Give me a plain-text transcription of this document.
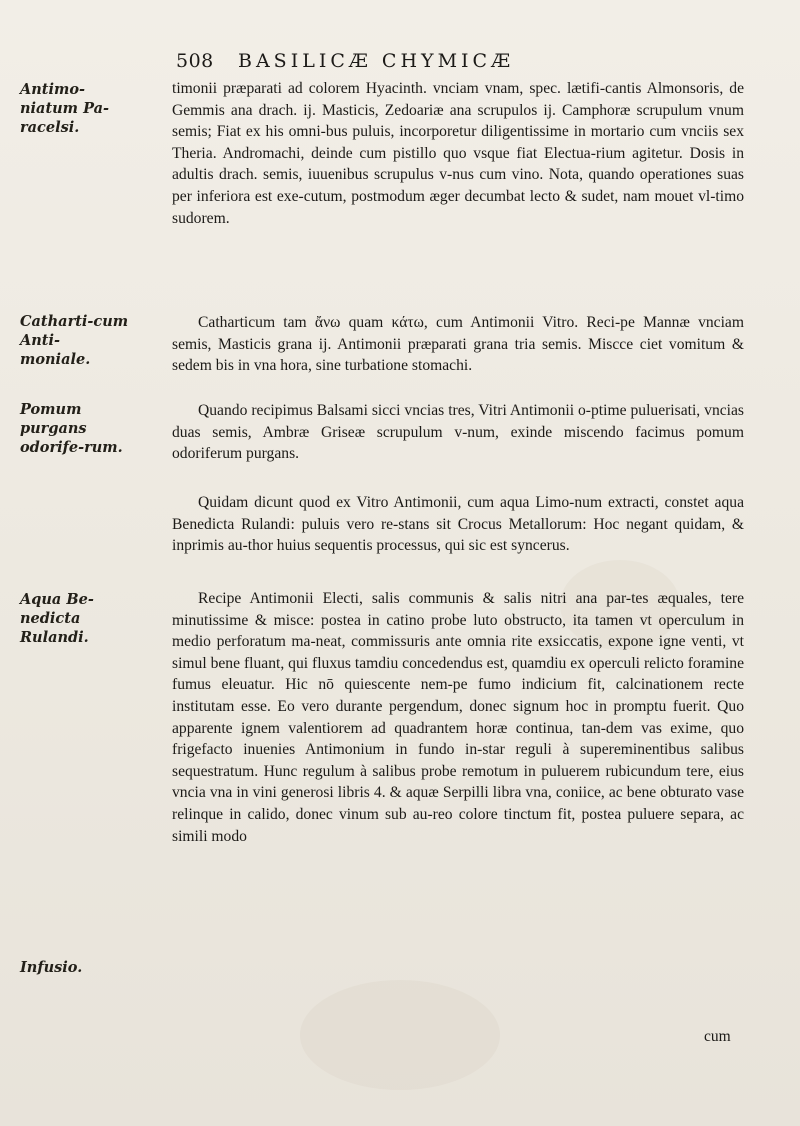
508 BASILICÆ CHYMICÆ
Antimo-niatum Pa-racelsi.
Catharti-cum Anti-moniale.
Pomum purgans odorife-rum.
Aqua Be-nedicta Rulandi.
Infusio.

timonii præparati ad colorem Hyacinth. vnciam vnam, spec. lætifi-cantis Almonsoris, de Gemmis ana drach. ij. Masticis, Zedoariæ ana scrupulos ij. Camphoræ scrupulum vnum semis; Fiat ex his omni-bus puluis, incorporetur diligentissime in mortario cum vnciis sex Theria. Andromachi, deinde cum pistillo quo vsque fiat Electua-rium agitetur. Dosis in adultis drach. semis, iuuenibus scrupulus v-nus cum vino. Nota, quando operationes suas per inferiora est exe-cutum, postmodum æger decumbat lecto & sudet, nam mouet vl-timo sudorem.

Catharticum tam ἄνω quam κάτω, cum Antimonii Vitro. Reci-pe Mannæ vnciam semis, Masticis grana ij. Antimonii præparati grana tria semis. Miscce ciet vomitum & sedem bis in vna hora, sine turbatione stomachi.

Quando recipimus Balsami sicci vncias tres, Vitri Antimonii o-ptime puluerisati, vncias duas semis, Ambræ Griseæ scrupulum v-num, exinde miscendo facimus pomum odoriferum purgans.

Quidam dicunt quod ex Vitro Antimonii, cum aqua Limo-num extracti, constet aqua Benedicta Rulandi: puluis vero re-stans sit Crocus Metallorum: Hoc negant quidam, & inprimis au-thor huius sequentis processus, qui sic est syncerus.

Recipe Antimonii Electi, salis communis & salis nitri ana par-tes æquales, tere minutissime & misce: postea in catino probe luto obstructo, ita tamen vt operculum in medio perforatum ma-neat, commissuris ante omnia rite exsiccatis, expone igne venti, vt simul bene fluant, qui fluxus tamdiu concedendus est, quamdiu ex operculi relicto foramine fumus eleuatur. Hic nō quiescente nem-pe fumo indicium fit, calcinationem recte institutam esse. Eo vero durante pergendum, donec signum hoc in promptu fuerit. Quo apparente ignem valentiorem ad quadrantem horæ continua, tan-dem vas exime, quo frigefacto inuenies Antimonium in fundo in-star reguli à supereminentibus salibus sequestratum. Hunc regulum à salibus probe remotum in puluerem rubicundum tere, eius vncia vna in vini generosi libris 4. & aquæ Serpilli libra vna, coniice, ac bene obturato vase relinque in calido, donec vinum sub au-reo colore tinctum fit, postea puluere separa, ac simili modo

cum
